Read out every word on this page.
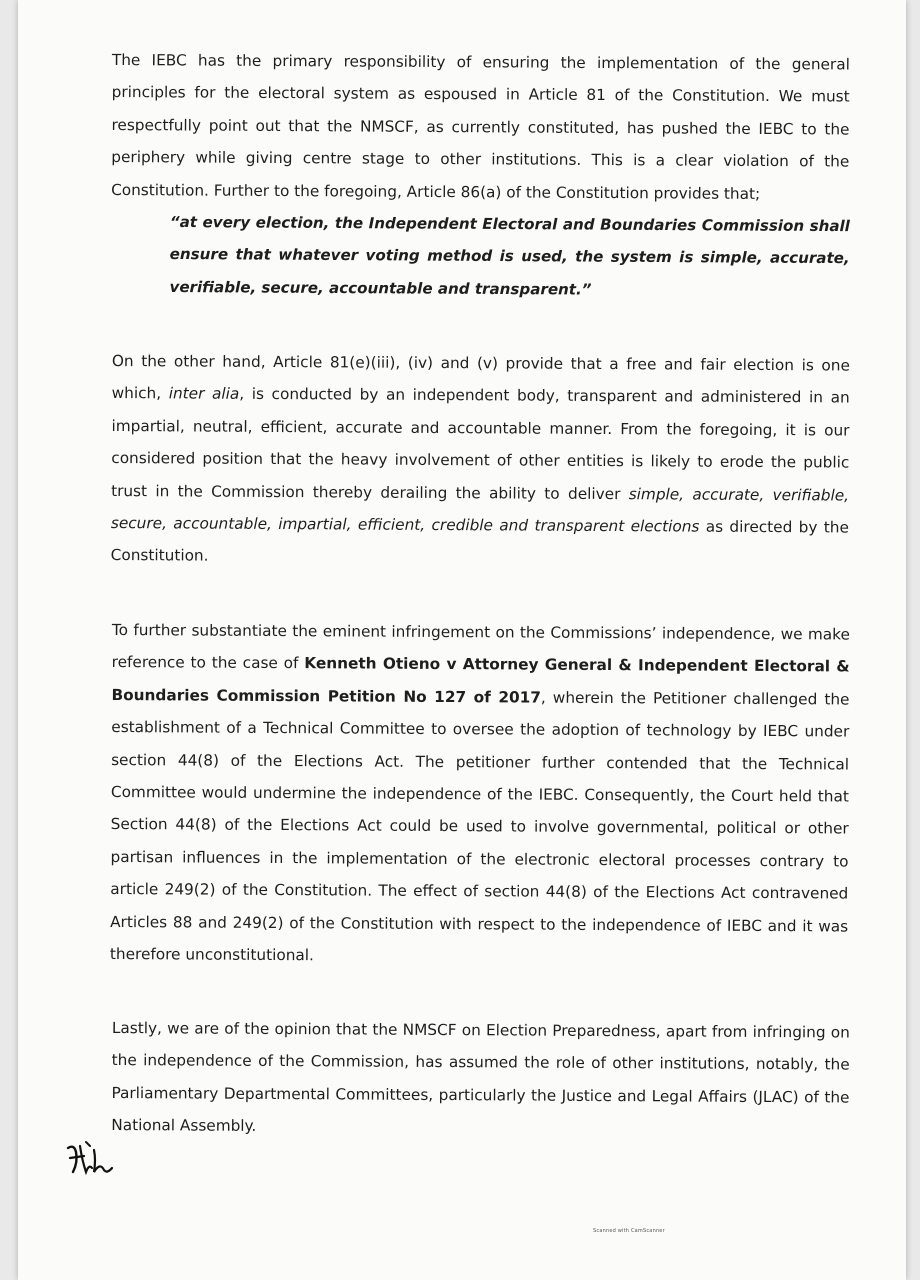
The IEBC has the primary responsibility of ensuring the implementation of the general principles for the electoral system as espoused in Article 81 of the Constitution. We must respectfully point out that the NMSCF, as currently constituted, has pushed the IEBC to the periphery while giving centre stage to other institutions. This is a clear violation of the Constitution. Further to the foregoing, Article 86(a) of the Constitution provides that;

“at every election, the Independent Electoral and Boundaries Commission shall ensure that whatever voting method is used, the system is simple, accurate, verifiable, secure, accountable and transparent.”

On the other hand, Article 81(e)(iii), (iv) and (v) provide that a free and fair election is one which, inter alia, is conducted by an independent body, transparent and administered in an impartial, neutral, efficient, accurate and accountable manner. From the foregoing, it is our considered position that the heavy involvement of other entities is likely to erode the public trust in the Commission thereby derailing the ability to deliver simple, accurate, verifiable, secure, accountable, impartial, efficient, credible and transparent elections as directed by the Constitution.

To further substantiate the eminent infringement on the Commissions’ independence, we make reference to the case of Kenneth Otieno v Attorney General & Independent Electoral & Boundaries Commission Petition No 127 of 2017, wherein the Petitioner challenged the establishment of a Technical Committee to oversee the adoption of technology by IEBC under section 44(8) of the Elections Act. The petitioner further contended that the Technical Committee would undermine the independence of the IEBC. Consequently, the Court held that Section 44(8) of the Elections Act could be used to involve governmental, political or other partisan influences in the implementation of the electronic electoral processes contrary to article 249(2) of the Constitution. The effect of section 44(8) of the Elections Act contravened Articles 88 and 249(2) of the Constitution with respect to the independence of IEBC and it was therefore unconstitutional.

Lastly, we are of the opinion that the NMSCF on Election Preparedness, apart from infringing on the independence of the Commission, has assumed the role of other institutions, notably, the Parliamentary Departmental Committees, particularly the Justice and Legal Affairs (JLAC) of the National Assembly.

Scanned with CamScanner
